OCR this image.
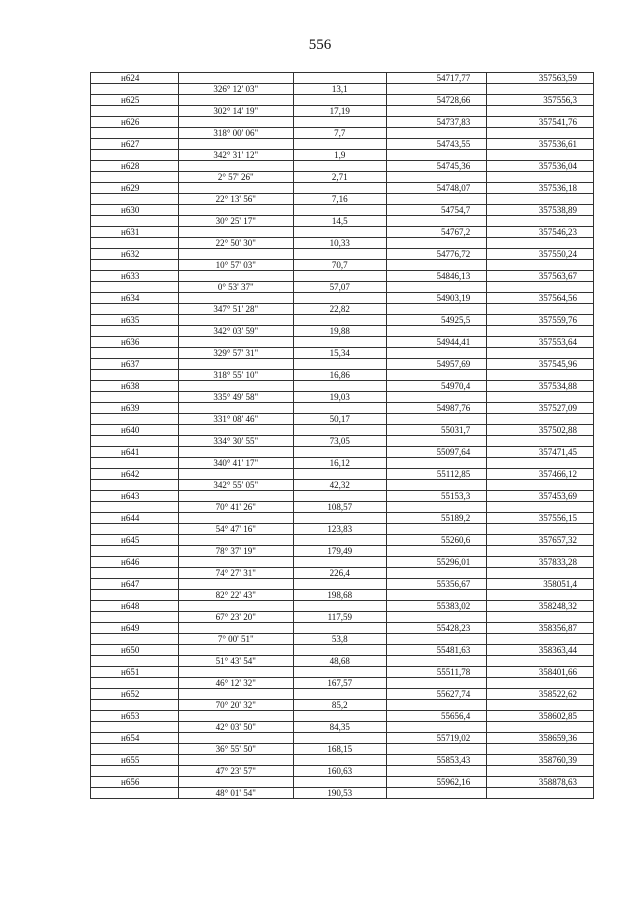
556
н624			54717,77	357563,59
	326° 12' 03"	13,1		
н625			54728,66	357556,3
	302° 14' 19"	17,19		
н626			54737,83	357541,76
	318° 00' 06"	7,7		
н627			54743,55	357536,61
	342° 31' 12"	1,9		
н628			54745,36	357536,04
	2° 57' 26"	2,71		
н629			54748,07	357536,18
	22° 13' 56"	7,16		
н630			54754,7	357538,89
	30° 25' 17"	14,5		
н631			54767,2	357546,23
	22° 50' 30"	10,33		
н632			54776,72	357550,24
	10° 57' 03"	70,7		
н633			54846,13	357563,67
	0° 53' 37"	57,07		
н634			54903,19	357564,56
	347° 51' 28"	22,82		
н635			54925,5	357559,76
	342° 03' 59"	19,88		
н636			54944,41	357553,64
	329° 57' 31"	15,34		
н637			54957,69	357545,96
	318° 55' 10"	16,86		
н638			54970,4	357534,88
	335° 49' 58"	19,03		
н639			54987,76	357527,09
	331° 08' 46"	50,17		
н640			55031,7	357502,88
	334° 30' 55"	73,05		
н641			55097,64	357471,45
	340° 41' 17"	16,12		
н642			55112,85	357466,12
	342° 55' 05"	42,32		
н643			55153,3	357453,69
	70° 41' 26"	108,57		
н644			55189,2	357556,15
	54° 47' 16"	123,83		
н645			55260,6	357657,32
	78° 37' 19"	179,49		
н646			55296,01	357833,28
	74° 27' 31"	226,4		
н647			55356,67	358051,4
	82° 22' 43"	198,68		
н648			55383,02	358248,32
	67° 23' 20"	117,59		
н649			55428,23	358356,87
	7° 00' 51"	53,8		
н650			55481,63	358363,44
	51° 43' 54"	48,68		
н651			55511,78	358401,66
	46° 12' 32"	167,57		
н652			55627,74	358522,62
	70° 20' 32"	85,2		
н653			55656,4	358602,85
	42° 03' 50"	84,35		
н654			55719,02	358659,36
	36° 55' 50"	168,15		
н655			55853,43	358760,39
	47° 23' 57"	160,63		
н656			55962,16	358878,63
	48° 01' 54"	190,53		
